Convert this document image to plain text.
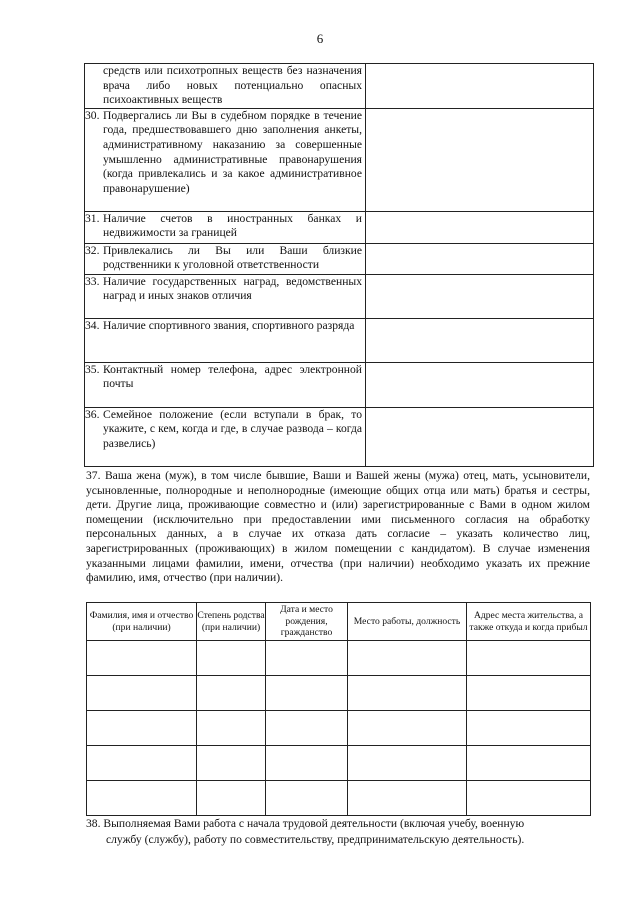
6
средств или психотропных веществ без назначения врача либо новых потенциально опасных психоактивных веществ	

30. Подвергались ли Вы в судебном порядке в течение года, предшествовавшего дню заполнения анкеты, административному наказанию за совершенные умышленно административные правонарушения (когда привлекались и за какое административное правонарушение)	

31. Наличие счетов в иностранных банках и недвижимости за границей	

32. Привлекались ли Вы или Ваши близкие родственники к уголовной ответственности	

33. Наличие государственных наград, ведомственных наград и иных знаков отличия	

34. Наличие спортивного звания, спортивного разряда	

35. Контактный номер телефона, адрес электронной почты	

36. Семейное положение (если вступали в брак, то укажите, с кем, когда и где, в случае развода – когда развелись)	

37. Ваша жена (муж), в том числе бывшие, Ваши и Вашей жены (мужа) отец, мать, усыновители, усыновленные, полнородные и неполнородные (имеющие общих отца или мать) братья и сестры, дети. Другие лица, проживающие совместно и (или) зарегистрированные с Вами в одном жилом помещении (исключительно при предоставлении ими письменного согласия на обработку персональных данных, а в случае их отказа дать согласие – указать количество лиц, зарегистрированных (проживающих) в жилом помещении с кандидатом). В случае изменения указанными лицами фамилии, имени, отчества (при наличии) необходимо указать их прежние фамилию, имя, отчество (при наличии).
Фамилия, имя и отчество (при наличии)	Степень родства (при наличии)	Дата и место рождения, гражданство	Место работы, должность	Адрес места жительства, а также откуда и когда прибыл

38. Выполняемая Вами работа с начала трудовой деятельности (включая учебу, военную
службу (службу), работу по совместительству, предпринимательскую деятельность).
